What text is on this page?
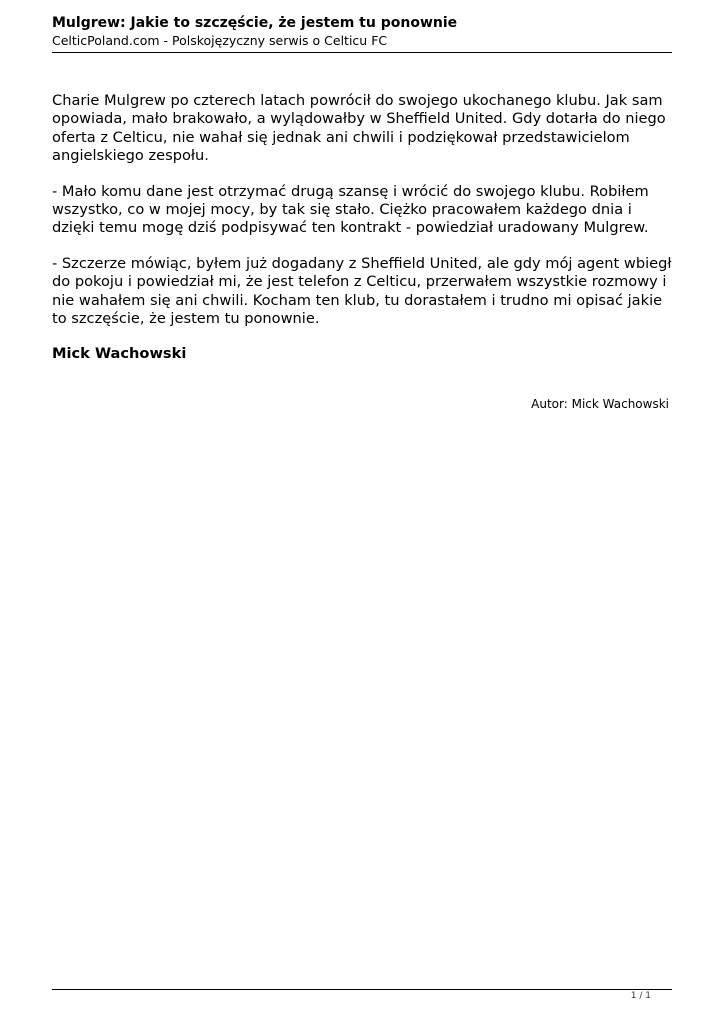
Mulgrew: Jakie to szczęście, że jestem tu ponownie
CelticPoland.com - Polskojęzyczny serwis o Celticu FC

Charie Mulgrew po czterech latach powrócił do swojego ukochanego klubu. Jak sam
opowiada, mało brakowało, a wylądowałby w Sheffield United. Gdy dotarła do niego
oferta z Celticu, nie wahał się jednak ani chwili i podziękował przedstawicielom
angielskiego zespołu.

- Mało komu dane jest otrzymać drugą szansę i wrócić do swojego klubu. Robiłem
wszystko, co w mojej mocy, by tak się stało. Ciężko pracowałem każdego dnia i
dzięki temu mogę dziś podpisywać ten kontrakt - powiedział uradowany Mulgrew.

- Szczerze mówiąc, byłem już dogadany z Sheffield United, ale gdy mój agent wbiegł
do pokoju i powiedział mi, że jest telefon z Celticu, przerwałem wszystkie rozmowy i
nie wahałem się ani chwili. Kocham ten klub, tu dorastałem i trudno mi opisać jakie
to szczęście, że jestem tu ponownie.

Mick Wachowski

Autor: Mick Wachowski
1 / 1
